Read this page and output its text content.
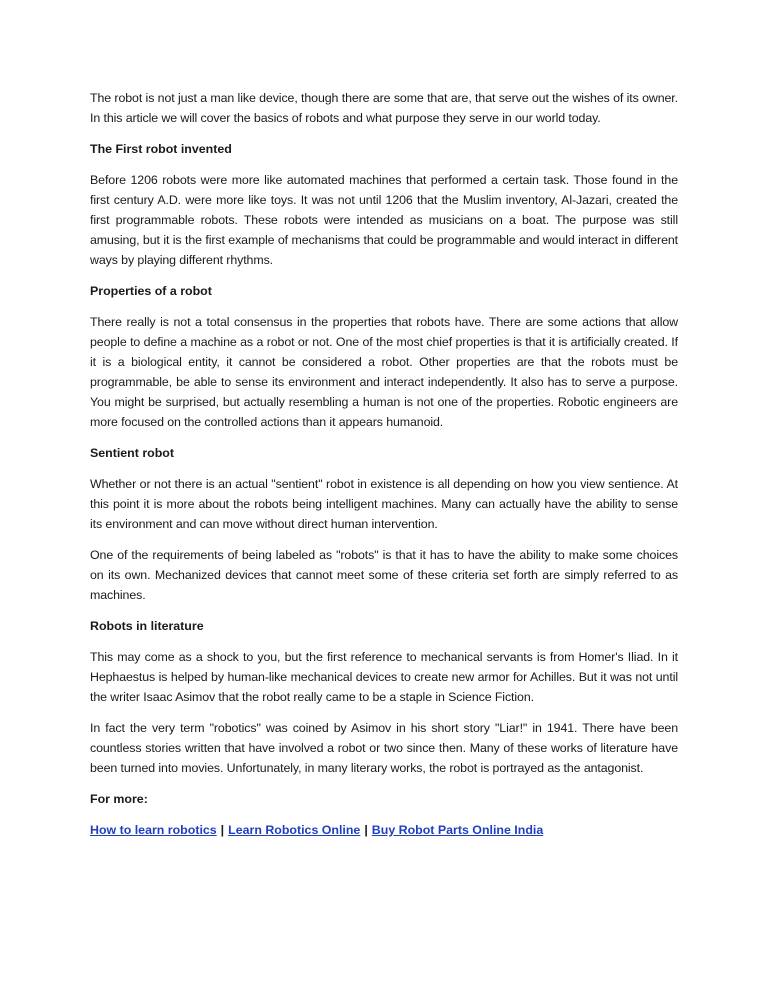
The robot is not just a man like device, though there are some that are, that serve out the wishes of its owner. In this article we will cover the basics of robots and what purpose they serve in our world today.

The First robot invented

Before 1206 robots were more like automated machines that performed a certain task. Those found in the first century A.D. were more like toys. It was not until 1206 that the Muslim inventory, Al-Jazari, created the first programmable robots. These robots were intended as musicians on a boat. The purpose was still amusing, but it is the first example of mechanisms that could be programmable and would interact in different ways by playing different rhythms.

Properties of a robot

There really is not a total consensus in the properties that robots have. There are some actions that allow people to define a machine as a robot or not. One of the most chief properties is that it is artificially created. If it is a biological entity, it cannot be considered a robot. Other properties are that the robots must be programmable, be able to sense its environment and interact independently. It also has to serve a purpose. You might be surprised, but actually resembling a human is not one of the properties. Robotic engineers are more focused on the controlled actions than it appears humanoid.

Sentient robot

Whether or not there is an actual "sentient" robot in existence is all depending on how you view sentience. At this point it is more about the robots being intelligent machines. Many can actually have the ability to sense its environment and can move without direct human intervention.

One of the requirements of being labeled as "robots" is that it has to have the ability to make some choices on its own. Mechanized devices that cannot meet some of these criteria set forth are simply referred to as machines.

Robots in literature

This may come as a shock to you, but the first reference to mechanical servants is from Homer's Iliad. In it Hephaestus is helped by human-like mechanical devices to create new armor for Achilles. But it was not until the writer Isaac Asimov that the robot really came to be a staple in Science Fiction.

In fact the very term "robotics" was coined by Asimov in his short story "Liar!" in 1941. There have been countless stories written that have involved a robot or two since then. Many of these works of literature have been turned into movies. Unfortunately, in many literary works, the robot is portrayed as the antagonist.

For more:

How to learn robotics | Learn Robotics Online | Buy Robot Parts Online India
